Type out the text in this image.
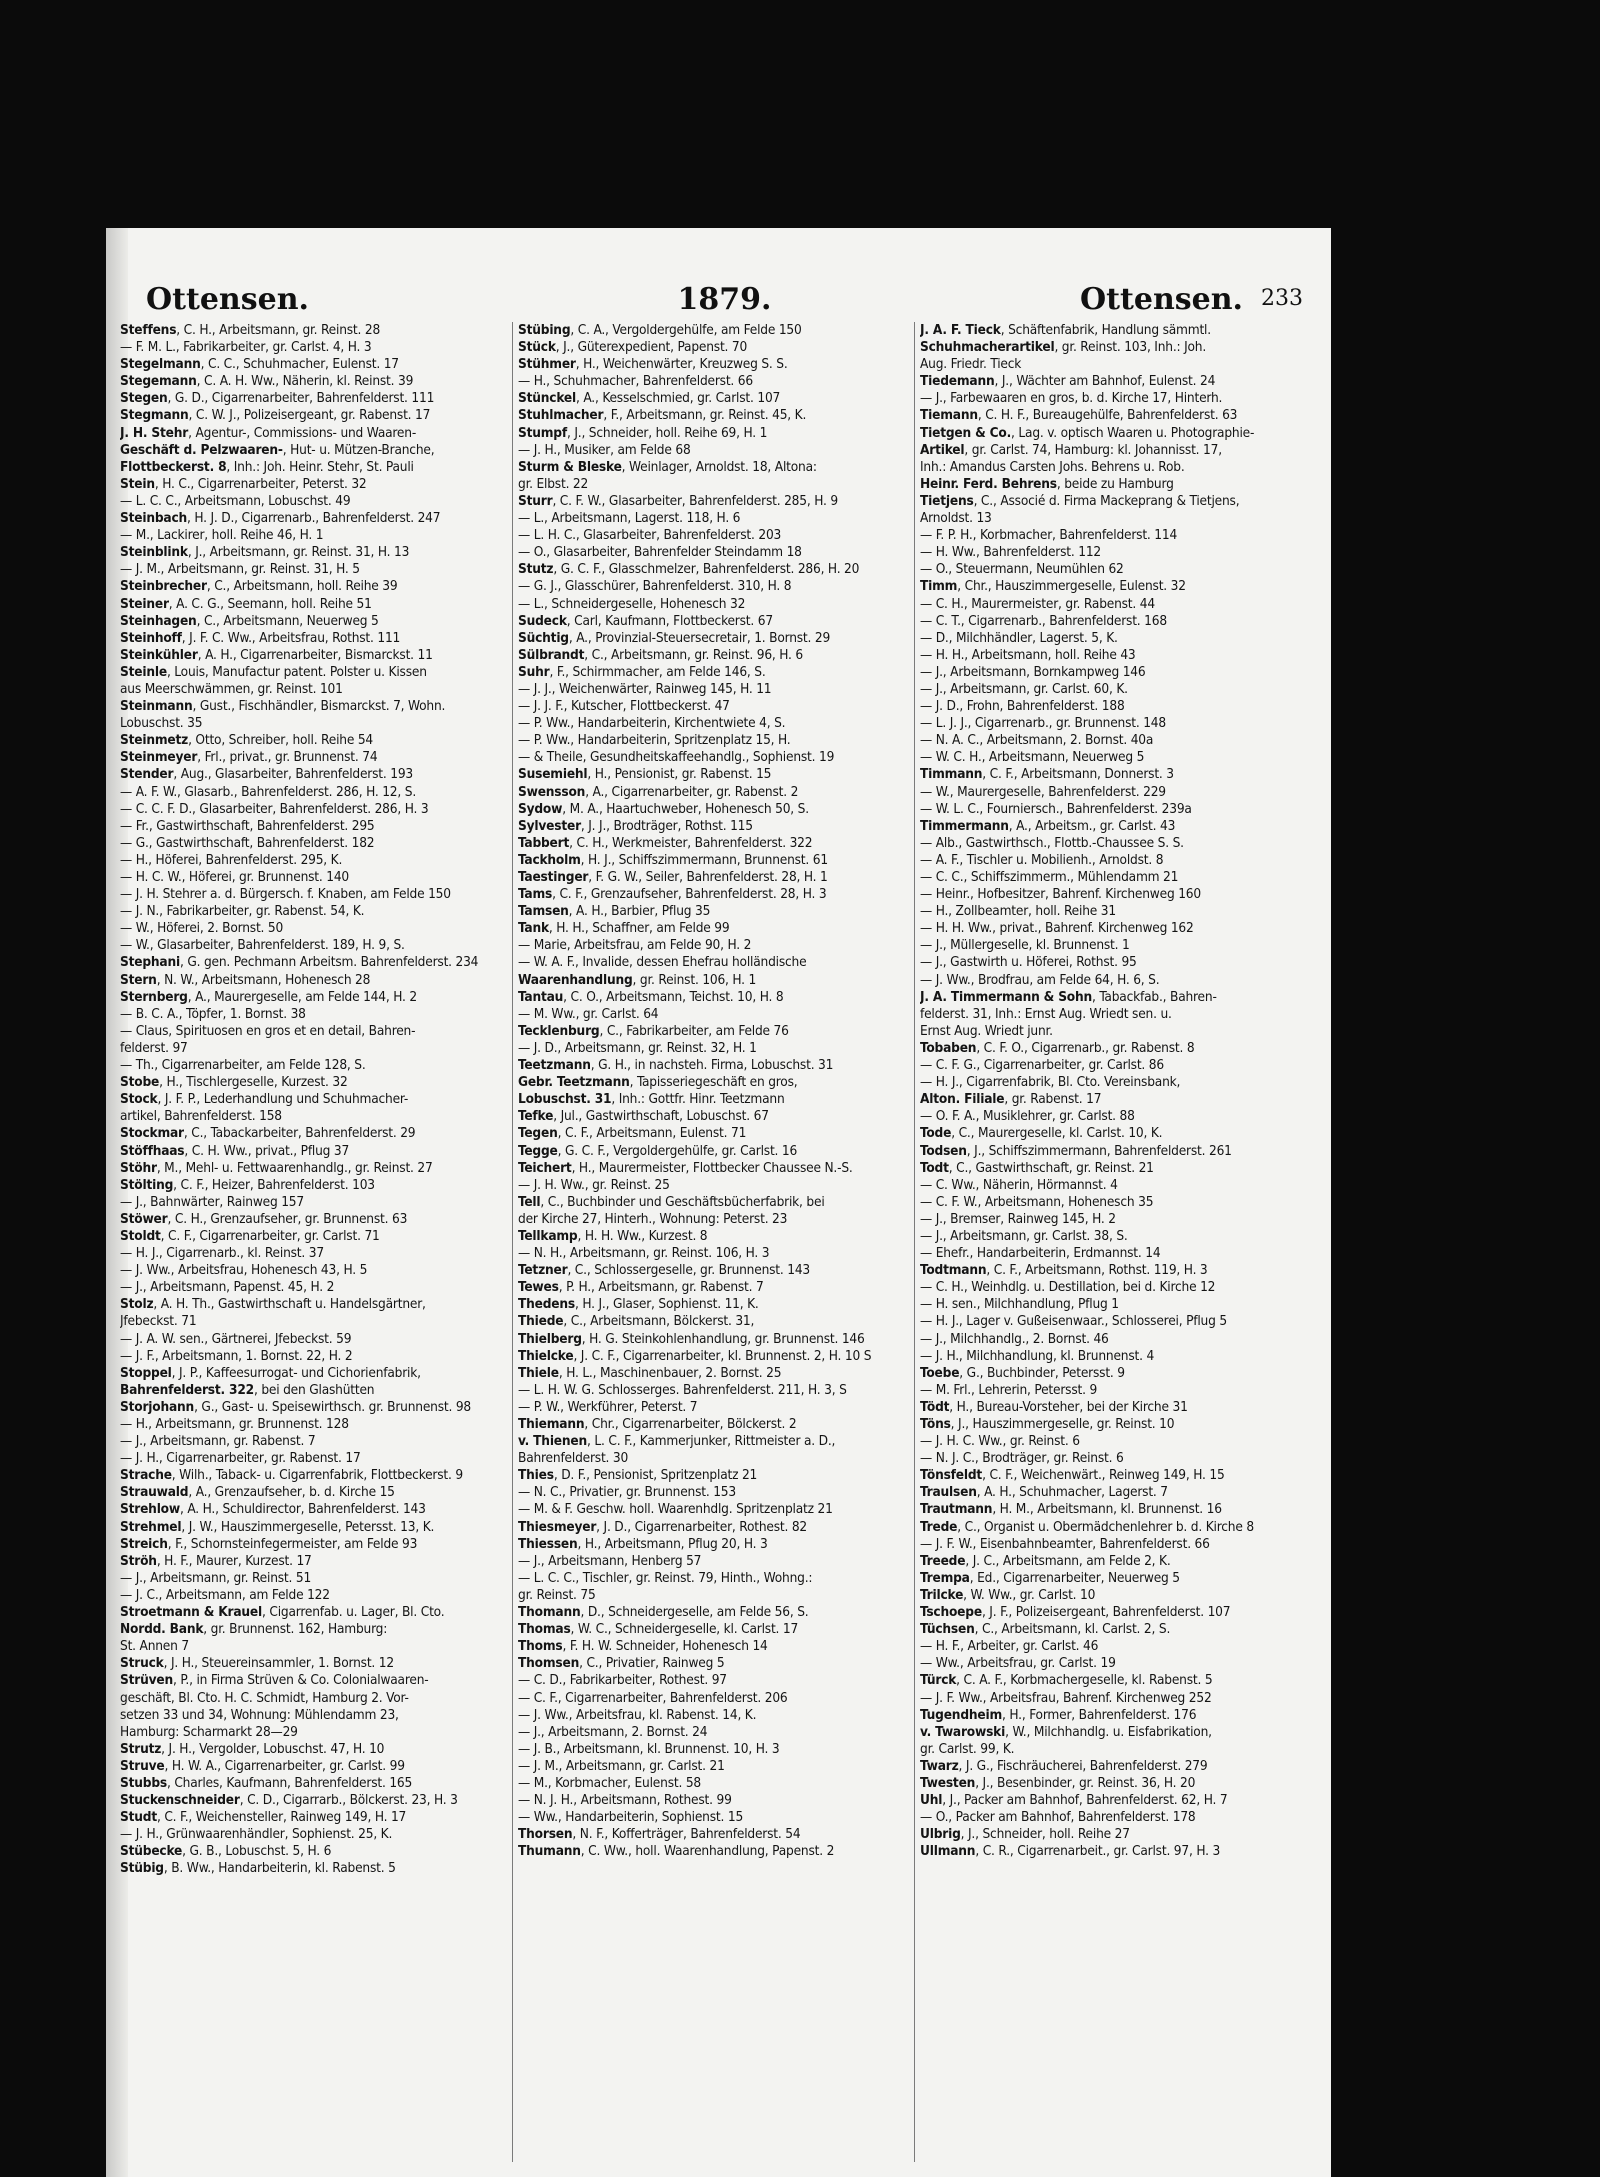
Ottensen.	1879.	Ottensen. 233
Steffens, C. H., Arbeitsmann, gr. Reinst. 28
— F. M. L., Fabrikarbeiter, gr. Carlst. 4, H. 3
Stegelmann, C. C., Schuhmacher, Eulenst. 17
Stegemann, C. A. H. Ww., Näherin, kl. Reinst. 39
Stegen, G. D., Cigarrenarbeiter, Bahrenfelderst. 111
Stegmann, C. W. J., Polizeisergeant, gr. Rabenst. 17
J. H. Stehr, Agentur-, Commissions- und Waaren-
Geschäft d. Pelzwaaren-, Hut- u. Mützen-Branche,
Flottbeckerst. 8, Inh.: Joh. Heinr. Stehr, St. Pauli
Stein, H. C., Cigarrenarbeiter, Peterst. 32
— L. C. C., Arbeitsmann, Lobuschst. 49
Steinbach, H. J. D., Cigarrenarb., Bahrenfelderst. 247
— M., Lackirer, holl. Reihe 46, H. 1
Steinblink, J., Arbeitsmann, gr. Reinst. 31, H. 13
— J. M., Arbeitsmann, gr. Reinst. 31, H. 5
Steinbrecher, C., Arbeitsmann, holl. Reihe 39
Steiner, A. C. G., Seemann, holl. Reihe 51
Steinhagen, C., Arbeitsmann, Neuerweg 5
Steinhoff, J. F. C. Ww., Arbeitsfrau, Rothst. 111
Steinkühler, A. H., Cigarrenarbeiter, Bismarckst. 11
Steinle, Louis, Manufactur patent. Polster u. Kissen
aus Meerschwämmen, gr. Reinst. 101
Steinmann, Gust., Fischhändler, Bismarckst. 7, Wohn.
Lobuschst. 35
Steinmetz, Otto, Schreiber, holl. Reihe 54
Steinmeyer, Frl., privat., gr. Brunnenst. 74
Stender, Aug., Glasarbeiter, Bahrenfelderst. 193
— A. F. W., Glasarb., Bahrenfelderst. 286, H. 12, S.
— C. C. F. D., Glasarbeiter, Bahrenfelderst. 286, H. 3
— Fr., Gastwirthschaft, Bahrenfelderst. 295
— G., Gastwirthschaft, Bahrenfelderst. 182
— H., Höferei, Bahrenfelderst. 295, K.
— H. C. W., Höferei, gr. Brunnenst. 140
— J. H. Stehrer a. d. Bürgersch. f. Knaben, am Felde 150
— J. N., Fabrikarbeiter, gr. Rabenst. 54, K.
— W., Höferei, 2. Bornst. 50
— W., Glasarbeiter, Bahrenfelderst. 189, H. 9, S.
Stephani, G. gen. Pechmann Arbeitsm. Bahrenfelderst. 234
Stern, N. W., Arbeitsmann, Hohenesch 28
Sternberg, A., Maurergeselle, am Felde 144, H. 2
— B. C. A., Töpfer, 1. Bornst. 38
— Claus, Spirituosen en gros et en detail, Bahren-
felderst. 97
— Th., Cigarrenarbeiter, am Felde 128, S.
Stobe, H., Tischlergeselle, Kurzest. 32
Stock, J. F. P., Lederhandlung und Schuhmacher-
artikel, Bahrenfelderst. 158
Stockmar, C., Tabackarbeiter, Bahrenfelderst. 29
Stöffhaas, C. H. Ww., privat., Pflug 37
Stöhr, M., Mehl- u. Fettwaarenhandlg., gr. Reinst. 27
Stölting, C. F., Heizer, Bahrenfelderst. 103
— J., Bahnwärter, Rainweg 157
Stöwer, C. H., Grenzaufseher, gr. Brunnenst. 63
Stoldt, C. F., Cigarrenarbeiter, gr. Carlst. 71
— H. J., Cigarrenarb., kl. Reinst. 37
— J. Ww., Arbeitsfrau, Hohenesch 43, H. 5
— J., Arbeitsmann, Papenst. 45, H. 2
Stolz, A. H. Th., Gastwirthschaft u. Handelsgärtner,
Jfebeckst. 71
— J. A. W. sen., Gärtnerei, Jfebeckst. 59
— J. F., Arbeitsmann, 1. Bornst. 22, H. 2
Stoppel, J. P., Kaffeesurrogat- und Cichorienfabrik,
Bahrenfelderst. 322, bei den Glashütten
Storjohann, G., Gast- u. Speisewirthsch. gr. Brunnenst. 98
— H., Arbeitsmann, gr. Brunnenst. 128
— J., Arbeitsmann, gr. Rabenst. 7
— J. H., Cigarrenarbeiter, gr. Rabenst. 17
Strache, Wilh., Taback- u. Cigarrenfabrik, Flottbeckerst. 9
Strauwald, A., Grenzaufseher, b. d. Kirche 15
Strehlow, A. H., Schuldirector, Bahrenfelderst. 143
Strehmel, J. W., Hauszimmergeselle, Petersst. 13, K.
Streich, F., Schornsteinfegermeister, am Felde 93
Ströh, H. F., Maurer, Kurzest. 17
— J., Arbeitsmann, gr. Reinst. 51
— J. C., Arbeitsmann, am Felde 122
Stroetmann & Krauel, Cigarrenfab. u. Lager, Bl. Cto.
Nordd. Bank, gr. Brunnenst. 162, Hamburg:
St. Annen 7
Struck, J. H., Steuereinsammler, 1. Bornst. 12
Strüven, P., in Firma Strüven & Co. Colonialwaaren-
geschäft, Bl. Cto. H. C. Schmidt, Hamburg 2. Vor-
setzen 33 und 34, Wohnung: Mühlendamm 23,
Hamburg: Scharmarkt 28—29
Strutz, J. H., Vergolder, Lobuschst. 47, H. 10
Struve, H. W. A., Cigarrenarbeiter, gr. Carlst. 99
Stubbs, Charles, Kaufmann, Bahrenfelderst. 165
Stuckenschneider, C. D., Cigarrarb., Bölckerst. 23, H. 3
Studt, C. F., Weichensteller, Rainweg 149, H. 17
— J. H., Grünwaarenhändler, Sophienst. 25, K.
Stübecke, G. B., Lobuschst. 5, H. 6
Stübig, B. Ww., Handarbeiterin, kl. Rabenst. 5
Stübing, C. A., Vergoldergehülfe, am Felde 150
Stück, J., Güterexpedient, Papenst. 70
Stühmer, H., Weichenwärter, Kreuzweg S. S.
— H., Schuhmacher, Bahrenfelderst. 66
Stünckel, A., Kesselschmied, gr. Carlst. 107
Stuhlmacher, F., Arbeitsmann, gr. Reinst. 45, K.
Stumpf, J., Schneider, holl. Reihe 69, H. 1
— J. H., Musiker, am Felde 68
Sturm & Bleske, Weinlager, Arnoldst. 18, Altona:
gr. Elbst. 22
Sturr, C. F. W., Glasarbeiter, Bahrenfelderst. 285, H. 9
— L., Arbeitsmann, Lagerst. 118, H. 6
— L. H. C., Glasarbeiter, Bahrenfelderst. 203
— O., Glasarbeiter, Bahrenfelder Steindamm 18
Stutz, G. C. F., Glasschmelzer, Bahrenfelderst. 286, H. 20
— G. J., Glasschürer, Bahrenfelderst. 310, H. 8
— L., Schneidergeselle, Hohenesch 32
Sudeck, Carl, Kaufmann, Flottbeckerst. 67
Süchtig, A., Provinzial-Steuersecretair, 1. Bornst. 29
Sülbrandt, C., Arbeitsmann, gr. Reinst. 96, H. 6
Suhr, F., Schirmmacher, am Felde 146, S.
— J. J., Weichenwärter, Rainweg 145, H. 11
— J. J. F., Kutscher, Flottbeckerst. 47
— P. Ww., Handarbeiterin, Kirchentwiete 4, S.
— P. Ww., Handarbeiterin, Spritzenplatz 15, H.
— & Theile, Gesundheitskaffeehandlg., Sophienst. 19
Susemiehl, H., Pensionist, gr. Rabenst. 15
Swensson, A., Cigarrenarbeiter, gr. Rabenst. 2
Sydow, M. A., Haartuchweber, Hohenesch 50, S.
Sylvester, J. J., Brodträger, Rothst. 115
Tabbert, C. H., Werkmeister, Bahrenfelderst. 322
Tackholm, H. J., Schiffszimmermann, Brunnenst. 61
Taestinger, F. G. W., Seiler, Bahrenfelderst. 28, H. 1
Tams, C. F., Grenzaufseher, Bahrenfelderst. 28, H. 3
Tamsen, A. H., Barbier, Pflug 35
Tank, H. H., Schaffner, am Felde 99
— Marie, Arbeitsfrau, am Felde 90, H. 2
— W. A. F., Invalide, dessen Ehefrau holländische
Waarenhandlung, gr. Reinst. 106, H. 1
Tantau, C. O., Arbeitsmann, Teichst. 10, H. 8
— M. Ww., gr. Carlst. 64
Tecklenburg, C., Fabrikarbeiter, am Felde 76
— J. D., Arbeitsmann, gr. Reinst. 32, H. 1
Teetzmann, G. H., in nachsteh. Firma, Lobuschst. 31
Gebr. Teetzmann, Tapisseriegeschäft en gros,
Lobuschst. 31, Inh.: Gottfr. Hinr. Teetzmann
Tefke, Jul., Gastwirthschaft, Lobuschst. 67
Tegen, C. F., Arbeitsmann, Eulenst. 71
Tegge, G. C. F., Vergoldergehülfe, gr. Carlst. 16
Teichert, H., Maurermeister, Flottbecker Chaussee N.-S.
— J. H. Ww., gr. Reinst. 25
Tell, C., Buchbinder und Geschäftsbücherfabrik, bei
der Kirche 27, Hinterh., Wohnung: Peterst. 23
Tellkamp, H. H. Ww., Kurzest. 8
— N. H., Arbeitsmann, gr. Reinst. 106, H. 3
Tetzner, C., Schlossergeselle, gr. Brunnenst. 143
Tewes, P. H., Arbeitsmann, gr. Rabenst. 7
Thedens, H. J., Glaser, Sophienst. 11, K.
Thiede, C., Arbeitsmann, Bölckerst. 31,
Thielberg, H. G. Steinkohlenhandlung, gr. Brunnenst. 146
Thielcke, J. C. F., Cigarrenarbeiter, kl. Brunnenst. 2, H. 10 S
Thiele, H. L., Maschinenbauer, 2. Bornst. 25
— L. H. W. G. Schlosserges. Bahrenfelderst. 211, H. 3, S
— P. W., Werkführer, Peterst. 7
Thiemann, Chr., Cigarrenarbeiter, Bölckerst. 2
v. Thienen, L. C. F., Kammerjunker, Rittmeister a. D.,
Bahrenfelderst. 30
Thies, D. F., Pensionist, Spritzenplatz 21
— N. C., Privatier, gr. Brunnenst. 153
— M. & F. Geschw. holl. Waarenhdlg. Spritzenplatz 21
Thiesmeyer, J. D., Cigarrenarbeiter, Rothest. 82
Thiessen, H., Arbeitsmann, Pflug 20, H. 3
— J., Arbeitsmann, Henberg 57
— L. C. C., Tischler, gr. Reinst. 79, Hinth., Wohng.:
gr. Reinst. 75
Thomann, D., Schneidergeselle, am Felde 56, S.
Thomas, W. C., Schneidergeselle, kl. Carlst. 17
Thoms, F. H. W. Schneider, Hohenesch 14
Thomsen, C., Privatier, Rainweg 5
— C. D., Fabrikarbeiter, Rothest. 97
— C. F., Cigarrenarbeiter, Bahrenfelderst. 206
— J. Ww., Arbeitsfrau, kl. Rabenst. 14, K.
— J., Arbeitsmann, 2. Bornst. 24
— J. B., Arbeitsmann, kl. Brunnenst. 10, H. 3
— J. M., Arbeitsmann, gr. Carlst. 21
— M., Korbmacher, Eulenst. 58
— N. J. H., Arbeitsmann, Rothest. 99
— Ww., Handarbeiterin, Sophienst. 15
Thorsen, N. F., Kofferträger, Bahrenfelderst. 54
Thumann, C. Ww., holl. Waarenhandlung, Papenst. 2
J. A. F. Tieck, Schäftenfabrik, Handlung sämmtl.
Schuhmacherartikel, gr. Reinst. 103, Inh.: Joh.
Aug. Friedr. Tieck
Tiedemann, J., Wächter am Bahnhof, Eulenst. 24
— J., Farbewaaren en gros, b. d. Kirche 17, Hinterh.
Tiemann, C. H. F., Bureaugehülfe, Bahrenfelderst. 63
Tietgen & Co., Lag. v. optisch Waaren u. Photographie-
Artikel, gr. Carlst. 74, Hamburg: kl. Johannisst. 17,
Inh.: Amandus Carsten Johs. Behrens u. Rob.
Heinr. Ferd. Behrens, beide zu Hamburg
Tietjens, C., Associé d. Firma Mackeprang & Tietjens,
Arnoldst. 13
— F. P. H., Korbmacher, Bahrenfelderst. 114
— H. Ww., Bahrenfelderst. 112
— O., Steuermann, Neumühlen 62
Timm, Chr., Hauszimmergeselle, Eulenst. 32
— C. H., Maurermeister, gr. Rabenst. 44
— C. T., Cigarrenarb., Bahrenfelderst. 168
— D., Milchhändler, Lagerst. 5, K.
— H. H., Arbeitsmann, holl. Reihe 43
— J., Arbeitsmann, Bornkampweg 146
— J., Arbeitsmann, gr. Carlst. 60, K.
— J. D., Frohn, Bahrenfelderst. 188
— L. J. J., Cigarrenarb., gr. Brunnenst. 148
— N. A. C., Arbeitsmann, 2. Bornst. 40a
— W. C. H., Arbeitsmann, Neuerweg 5
Timmann, C. F., Arbeitsmann, Donnerst. 3
— W., Maurergeselle, Bahrenfelderst. 229
— W. L. C., Fourniersch., Bahrenfelderst. 239a
Timmermann, A., Arbeitsm., gr. Carlst. 43
— Alb., Gastwirthsch., Flottb.-Chaussee S. S.
— A. F., Tischler u. Mobilienh., Arnoldst. 8
— C. C., Schiffszimmerm., Mühlendamm 21
— Heinr., Hofbesitzer, Bahrenf. Kirchenweg 160
— H., Zollbeamter, holl. Reihe 31
— H. H. Ww., privat., Bahrenf. Kirchenweg 162
— J., Müllergeselle, kl. Brunnenst. 1
— J., Gastwirth u. Höferei, Rothst. 95
— J. Ww., Brodfrau, am Felde 64, H. 6, S.
J. A. Timmermann & Sohn, Tabackfab., Bahren-
felderst. 31, Inh.: Ernst Aug. Wriedt sen. u.
Ernst Aug. Wriedt junr.
Tobaben, C. F. O., Cigarrenarb., gr. Rabenst. 8
— C. F. G., Cigarrenarbeiter, gr. Carlst. 86
— H. J., Cigarrenfabrik, Bl. Cto. Vereinsbank,
Alton. Filiale, gr. Rabenst. 17
— O. F. A., Musiklehrer, gr. Carlst. 88
Tode, C., Maurergeselle, kl. Carlst. 10, K.
Todsen, J., Schiffszimmermann, Bahrenfelderst. 261
Todt, C., Gastwirthschaft, gr. Reinst. 21
— C. Ww., Näherin, Hörmannst. 4
— C. F. W., Arbeitsmann, Hohenesch 35
— J., Bremser, Rainweg 145, H. 2
— J., Arbeitsmann, gr. Carlst. 38, S.
— Ehefr., Handarbeiterin, Erdmannst. 14
Todtmann, C. F., Arbeitsmann, Rothst. 119, H. 3
— C. H., Weinhdlg. u. Destillation, bei d. Kirche 12
— H. sen., Milchhandlung, Pflug 1
— H. J., Lager v. Gußeisenwaar., Schlosserei, Pflug 5
— J., Milchhandlg., 2. Bornst. 46
— J. H., Milchhandlung, kl. Brunnenst. 4
Toebe, G., Buchbinder, Petersst. 9
— M. Frl., Lehrerin, Petersst. 9
Tödt, H., Bureau-Vorsteher, bei der Kirche 31
Töns, J., Hauszimmergeselle, gr. Reinst. 10
— J. H. C. Ww., gr. Reinst. 6
— N. J. C., Brodträger, gr. Reinst. 6
Tönsfeldt, C. F., Weichenwärt., Reinweg 149, H. 15
Traulsen, A. H., Schuhmacher, Lagerst. 7
Trautmann, H. M., Arbeitsmann, kl. Brunnenst. 16
Trede, C., Organist u. Obermädchenlehrer b. d. Kirche 8
— J. F. W., Eisenbahnbeamter, Bahrenfelderst. 66
Treede, J. C., Arbeitsmann, am Felde 2, K.
Trempa, Ed., Cigarrenarbeiter, Neuerweg 5
Trilcke, W. Ww., gr. Carlst. 10
Tschoepe, J. F., Polizeisergeant, Bahrenfelderst. 107
Tüchsen, C., Arbeitsmann, kl. Carlst. 2, S.
— H. F., Arbeiter, gr. Carlst. 46
— Ww., Arbeitsfrau, gr. Carlst. 19
Türck, C. A. F., Korbmachergeselle, kl. Rabenst. 5
— J. F. Ww., Arbeitsfrau, Bahrenf. Kirchenweg 252
Tugendheim, H., Former, Bahrenfelderst. 176
v. Twarowski, W., Milchhandlg. u. Eisfabrikation,
gr. Carlst. 99, K.
Twarz, J. G., Fischräucherei, Bahrenfelderst. 279
Twesten, J., Besenbinder, gr. Reinst. 36, H. 20
Uhl, J., Packer am Bahnhof, Bahrenfelderst. 62, H. 7
— O., Packer am Bahnhof, Bahrenfelderst. 178
Ulbrig, J., Schneider, holl. Reihe 27
Ullmann, C. R., Cigarrenarbeit., gr. Carlst. 97, H. 3
